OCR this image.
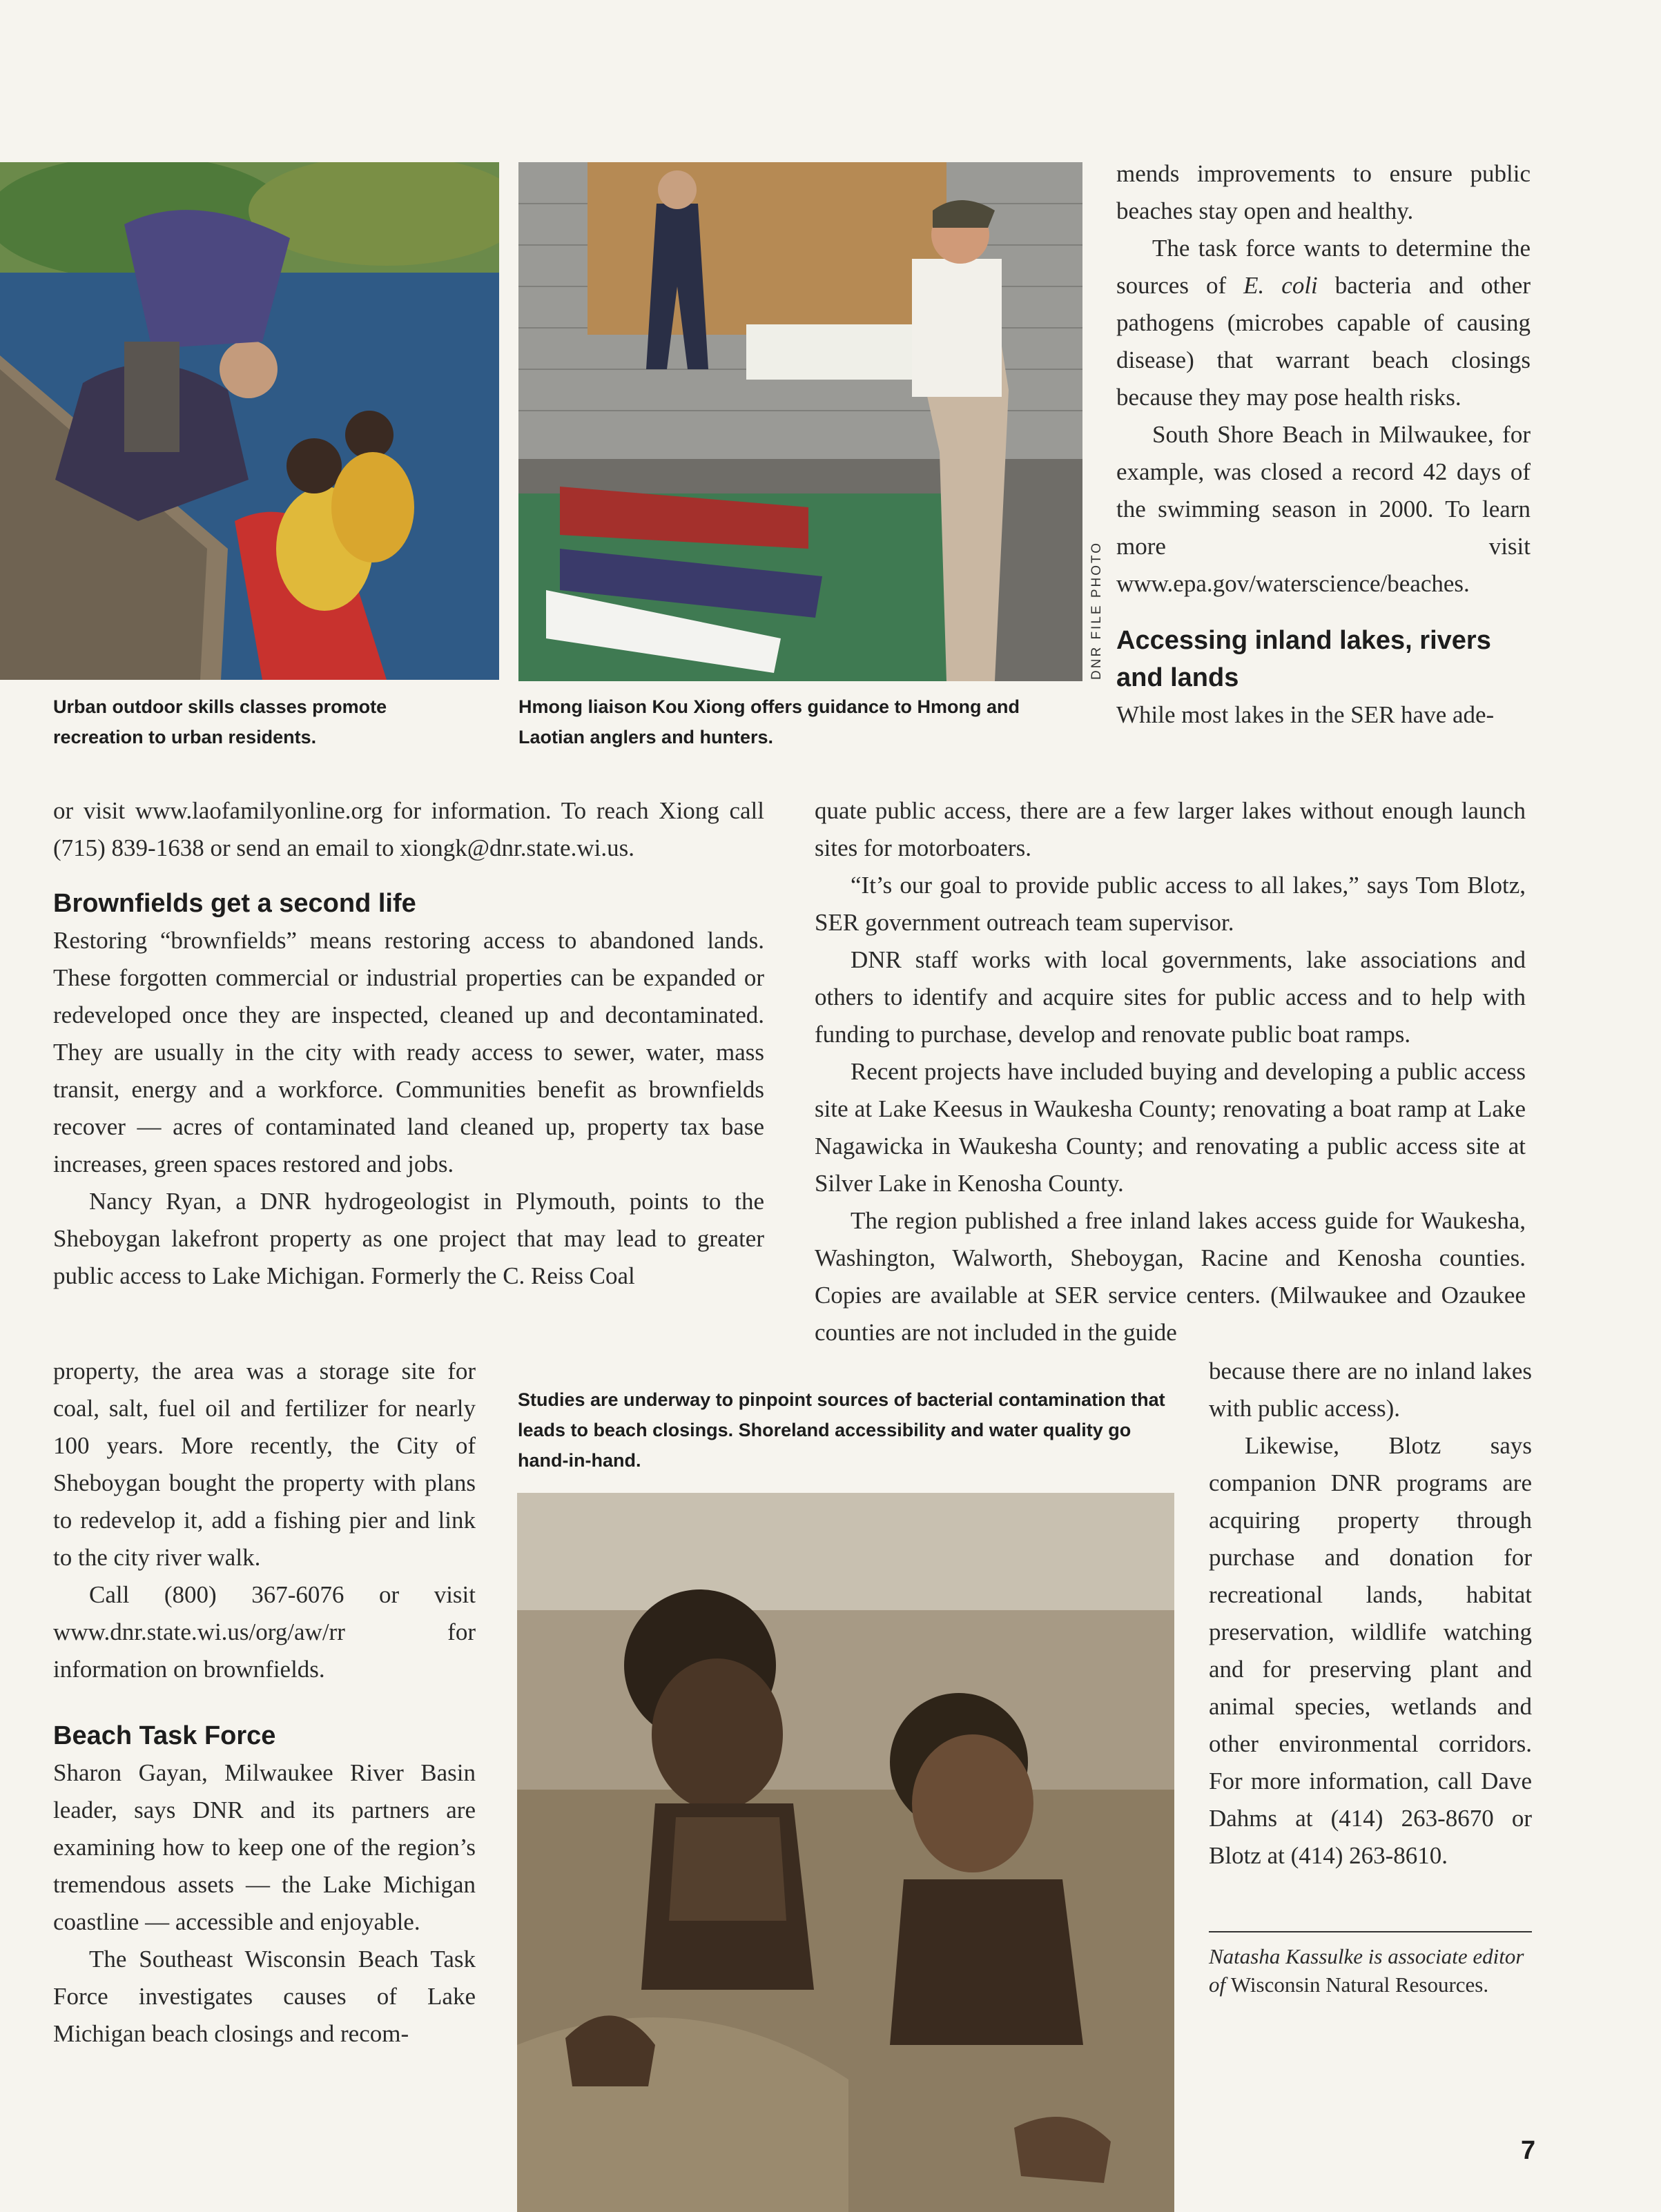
Urban outdoor skills classes promote recreation to urban residents.

Hmong liaison Kou Xiong offers guidance to Hmong and Laotian anglers and hunters.

DNR FILE PHOTO

Studies are underway to pinpoint sources of bacterial contamination that leads to beach closings. Shoreland accessibility and water quality go hand-in-hand.

mends improvements to ensure public beaches stay open and healthy.

The task force wants to determine the sources of E. coli bacteria and other pathogens (microbes capable of causing disease) that warrant beach closings because they may pose health risks.

South Shore Beach in Milwaukee, for example, was closed a record 42 days of the swimming season in 2000. To learn more visit www.epa.gov/waterscience/beaches.

Accessing inland lakes, rivers and lands

While most lakes in the SER have ade-

or visit www.laofamilyonline.org for information. To reach Xiong call (715) 839-1638 or send an email to xiongk@dnr.state.wi.us.

Brownfields get a second life

Restoring “brownfields” means restoring access to abandoned lands. These forgotten commercial or industrial properties can be expanded or redeveloped once they are inspected, cleaned up and decontaminated. They are usually in the city with ready access to sewer, water, mass transit, energy and a workforce. Communities benefit as brownfields recover — acres of contaminated land cleaned up, property tax base increases, green spaces restored and jobs.

Nancy Ryan, a DNR hydrogeologist in Plymouth, points to the Sheboygan lakefront property as one project that may lead to greater public access to Lake Michigan. Formerly the C. Reiss Coal

property, the area was a storage site for coal, salt, fuel oil and fertilizer for nearly 100 years. More recently, the City of Sheboygan bought the property with plans to redevelop it, add a fishing pier and link to the city river walk.

Call (800) 367-6076 or visit www.dnr.state.wi.us/org/aw/rr for information on brownfields.

Beach Task Force

Sharon Gayan, Milwaukee River Basin leader, says DNR and its partners are examining how to keep one of the region’s tremendous assets — the Lake Michigan coastline — accessible and enjoyable.

The Southeast Wisconsin Beach Task Force investigates causes of Lake Michigan beach closings and recom-

quate public access, there are a few larger lakes without enough launch sites for motorboaters.

“It’s our goal to provide public access to all lakes,” says Tom Blotz, SER government outreach team supervisor.

DNR staff works with local governments, lake associations and others to identify and acquire sites for public access and to help with funding to purchase, develop and renovate public boat ramps.

Recent projects have included buying and developing a public access site at Lake Keesus in Waukesha County; renovating a boat ramp at Lake Nagawicka in Waukesha County; and renovating a public access site at Silver Lake in Kenosha County.

The region published a free inland lakes access guide for Waukesha, Washington, Walworth, Sheboygan, Racine and Kenosha counties. Copies are available at SER service centers. (Milwaukee and Ozaukee counties are not included in the guide

because there are no inland lakes with public access).

Likewise, Blotz says companion DNR programs are acquiring property through purchase and donation for recreational lands, habitat preservation, wildlife watching and for preserving plant and animal species, wetlands and other environmental corridors. For more information, call Dave Dahms at (414) 263-8670 or Blotz at (414) 263-8610.

Natasha Kassulke is associate editor of Wisconsin Natural Resources.
7
